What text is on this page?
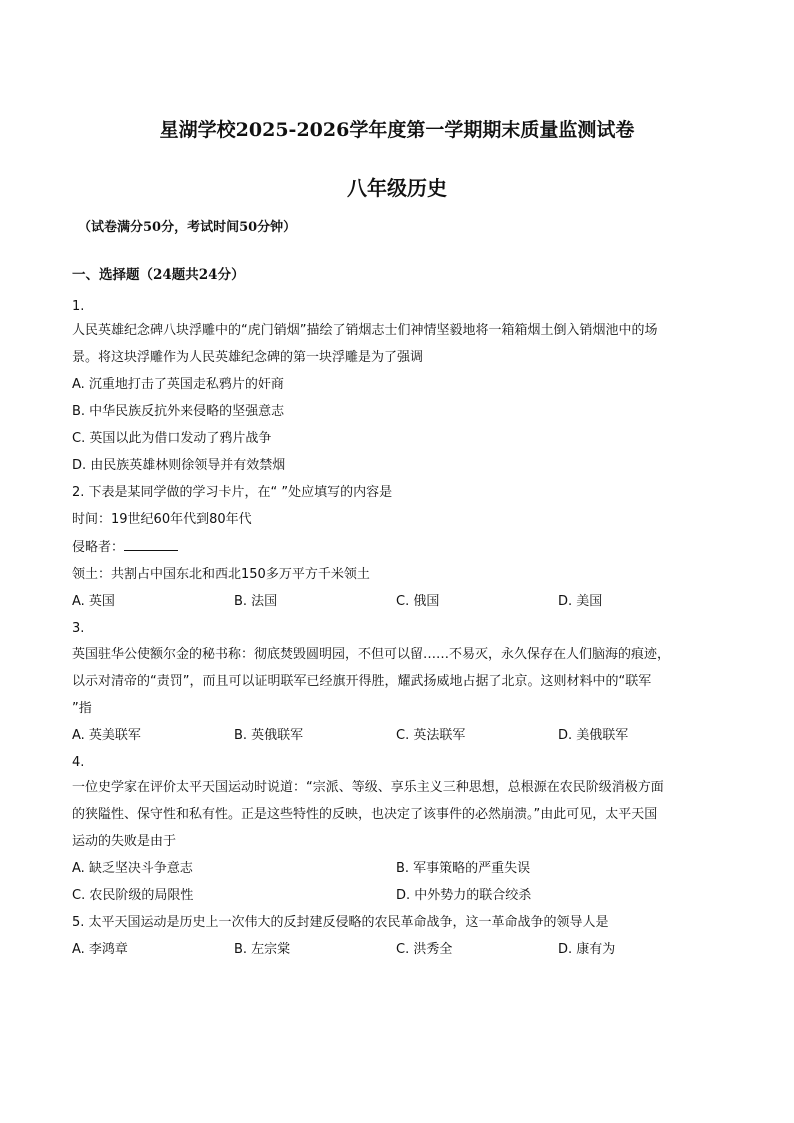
星湖学校2025-2026学年度第一学期期末质量监测试卷
八年级历史
（试卷满分50分，考试时间50分钟）
一、选择题（24题共24分）
1.
人民英雄纪念碑八块浮雕中的“虎门销烟”描绘了销烟志士们神情坚毅地将一箱箱烟土倒入销烟池中的场
景。将这块浮雕作为人民英雄纪念碑的第一块浮雕是为了强调
A. 沉重地打击了英国走私鸦片的奸商
B. 中华民族反抗外来侵略的坚强意志
C. 英国以此为借口发动了鸦片战争
D. 由民族英雄林则徐领导并有效禁烟
2. 下表是某同学做的学习卡片，在“ ”处应填写的内容是
时间：19世纪60年代到80年代
侵略者：
领土：共割占中国东北和西北150多万平方千米领土
A. 英国	B. 法国	C. 俄国	D. 美国
3.
英国驻华公使额尔金的秘书称：彻底焚毁圆明园，不但可以留……不易灭，永久保存在人们脑海的痕迹，
以示对清帝的“责罚”，而且可以证明联军已经旗开得胜，耀武扬威地占据了北京。这则材料中的“联军
”指
A. 英美联军	B. 英俄联军	C. 英法联军	D. 美俄联军
4.
一位史学家在评价太平天国运动时说道：“宗派、等级、享乐主义三种思想，总根源在农民阶级消极方面
的狭隘性、保守性和私有性。正是这些特性的反映，也决定了该事件的必然崩溃。”由此可见，太平天国
运动的失败是由于
A. 缺乏坚决斗争意志	B. 军事策略的严重失误
C. 农民阶级的局限性	D. 中外势力的联合绞杀
5. 太平天国运动是历史上一次伟大的反封建反侵略的农民革命战争，这一革命战争的领导人是
A. 李鸿章	B. 左宗棠	C. 洪秀全	D. 康有为
